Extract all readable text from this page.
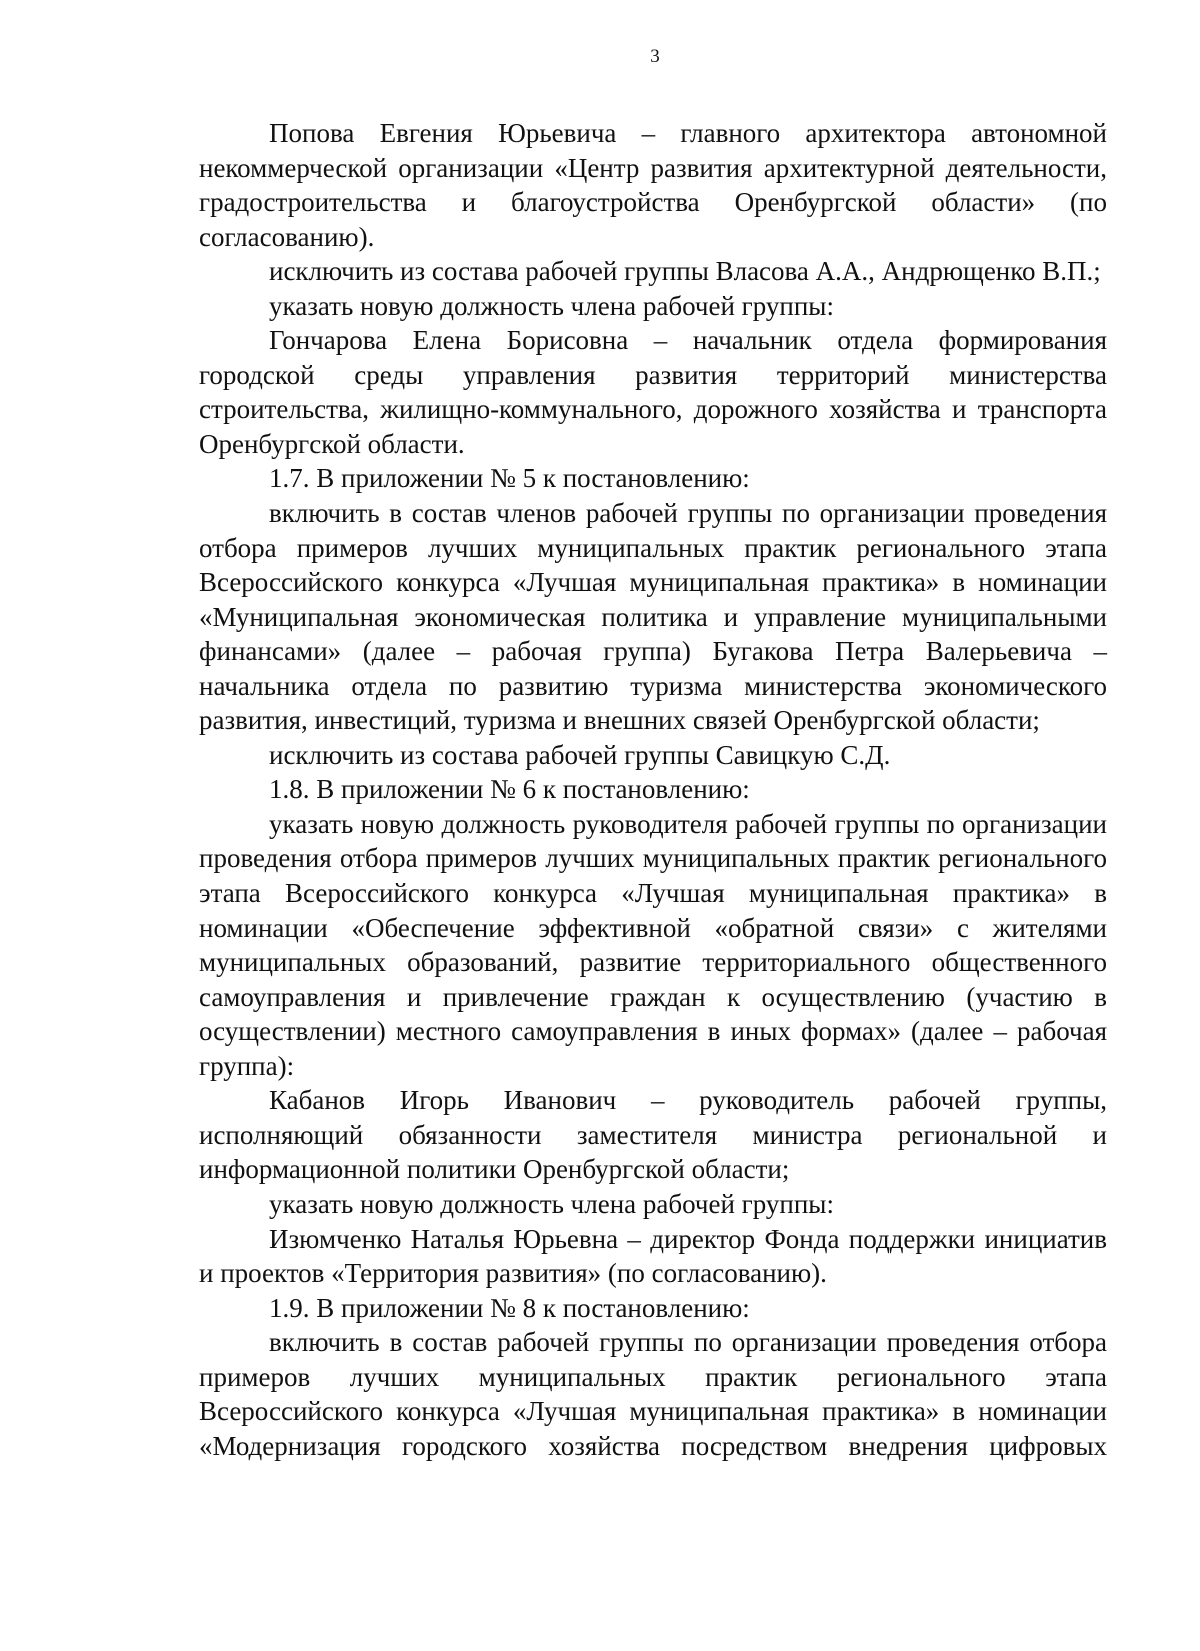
3

Попова Евгения Юрьевича – главного архитектора автономной некоммерческой организации «Центр развития архитектурной деятельности, градостроительства и благоустройства Оренбургской области» (по согласованию).

исключить из состава рабочей группы Власова А.А., Андрющенко В.П.;

указать новую должность члена рабочей группы:

Гончарова Елена Борисовна – начальник отдела формирования городской среды управления развития территорий министерства строительства, жилищно-коммунального, дорожного хозяйства и транспорта Оренбургской области.

1.7. В приложении № 5 к постановлению:

включить в состав членов рабочей группы по организации проведения отбора примеров лучших муниципальных практик регионального этапа Всероссийского конкурса «Лучшая муниципальная практика» в номинации «Муниципальная экономическая политика и управление муниципальными финансами» (далее – рабочая группа) Бугакова Петра Валерьевича – начальника отдела по развитию туризма министерства экономического развития, инвестиций, туризма и внешних связей Оренбургской области;

исключить из состава рабочей группы Савицкую С.Д.

1.8. В приложении № 6 к постановлению:

указать новую должность руководителя рабочей группы по организации проведения отбора примеров лучших муниципальных практик регионального этапа Всероссийского конкурса «Лучшая муниципальная практика» в номинации «Обеспечение эффективной «обратной связи» с жителями муниципальных образований, развитие территориального общественного самоуправления и привлечение граждан к осуществлению (участию в осуществлении) местного самоуправления в иных формах» (далее – рабочая группа):

Кабанов Игорь Иванович – руководитель рабочей группы, исполняющий обязанности заместителя министра региональной и информационной политики Оренбургской области;

указать новую должность члена рабочей группы:

Изюмченко Наталья Юрьевна – директор Фонда поддержки инициатив и проектов «Территория развития» (по согласованию).

1.9. В приложении № 8 к постановлению:

включить в состав рабочей группы по организации проведения отбора примеров лучших муниципальных практик регионального этапа Всероссийского конкурса «Лучшая муниципальная практика» в номинации «Модернизация городского хозяйства посредством внедрения цифровых
